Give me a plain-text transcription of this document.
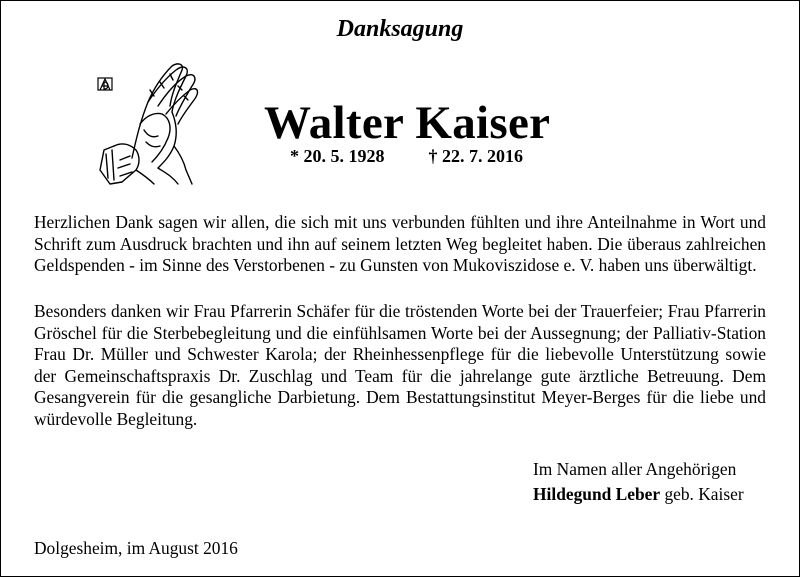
Danksagung
Walter Kaiser
* 20. 5. 1928 † 22. 7. 2016
Herzlichen Dank sagen wir allen, die sich mit uns verbunden fühlten und ihre Anteilnahme in Wort und Schrift zum Ausdruck brachten und ihn auf seinem letzten Weg begleitet haben. Die überaus zahlreichen Geldspenden - im Sinne des Verstorbenen - zu Gunsten von Mukoviszidose e. V. haben uns überwältigt.
Besonders danken wir Frau Pfarrerin Schäfer für die tröstenden Worte bei der Trauerfeier; Frau Pfarrerin Gröschel für die Sterbebegleitung und die einfühlsamen Worte bei der Aussegnung; der Palliativ-Station Frau Dr. Müller und Schwester Karola; der Rheinhessenpflege für die liebevolle Unterstützung sowie der Gemeinschaftspraxis Dr. Zuschlag und Team für die jahrelange gute ärztliche Betreuung. Dem Gesangverein für die gesangliche Darbietung. Dem Bestattungsinstitut Meyer-Berges für die liebe und würdevolle Begleitung.
Im Namen aller Angehörigen
Hildegund Leber geb. Kaiser
Dolgesheim, im August 2016
